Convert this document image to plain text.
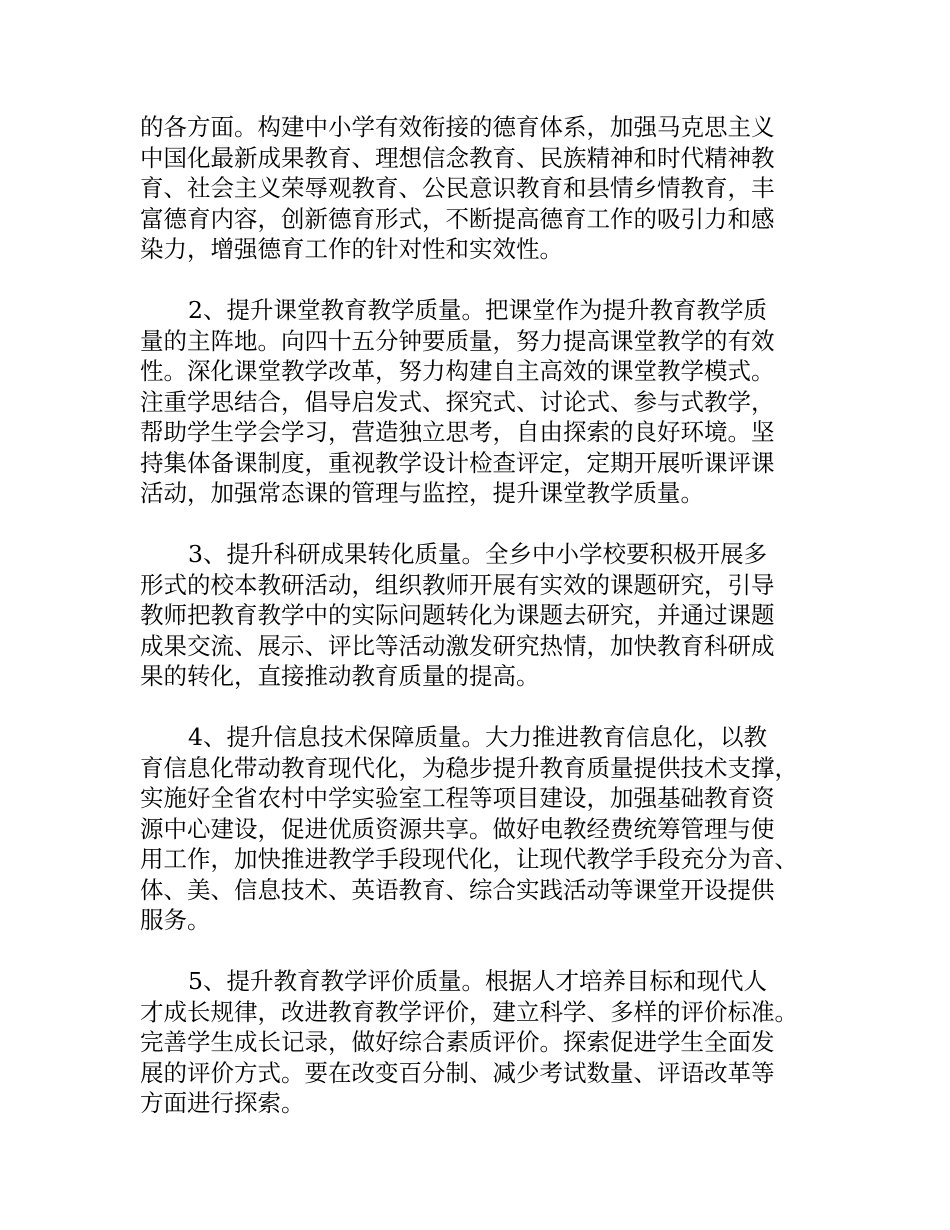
的各方面。构建中小学有效衔接的德育体系，加强马克思主义
中国化最新成果教育、理想信念教育、民族精神和时代精神教
育、社会主义荣辱观教育、公民意识教育和县情乡情教育，丰
富德育内容，创新德育形式，不断提高德育工作的吸引力和感
染力，增强德育工作的针对性和实效性。
2、提升课堂教育教学质量。把课堂作为提升教育教学质
量的主阵地。向四十五分钟要质量，努力提高课堂教学的有效
性。深化课堂教学改革，努力构建自主高效的课堂教学模式。
注重学思结合，倡导启发式、探究式、讨论式、参与式教学，
帮助学生学会学习，营造独立思考，自由探索的良好环境。坚
持集体备课制度，重视教学设计检查评定，定期开展听课评课
活动，加强常态课的管理与监控，提升课堂教学质量。
3、提升科研成果转化质量。全乡中小学校要积极开展多
形式的校本教研活动，组织教师开展有实效的课题研究，引导
教师把教育教学中的实际问题转化为课题去研究，并通过课题
成果交流、展示、评比等活动激发研究热情，加快教育科研成
果的转化，直接推动教育质量的提高。
4、提升信息技术保障质量。大力推进教育信息化，以教
育信息化带动教育现代化，为稳步提升教育质量提供技术支撑，
实施好全省农村中学实验室工程等项目建设，加强基础教育资
源中心建设，促进优质资源共享。做好电教经费统筹管理与使
用工作，加快推进教学手段现代化，让现代教学手段充分为音、
体、美、信息技术、英语教育、综合实践活动等课堂开设提供
服务。
5、提升教育教学评价质量。根据人才培养目标和现代人
才成长规律，改进教育教学评价，建立科学、多样的评价标准。
完善学生成长记录，做好综合素质评价。探索促进学生全面发
展的评价方式。要在改变百分制、减少考试数量、评语改革等
方面进行探索。
